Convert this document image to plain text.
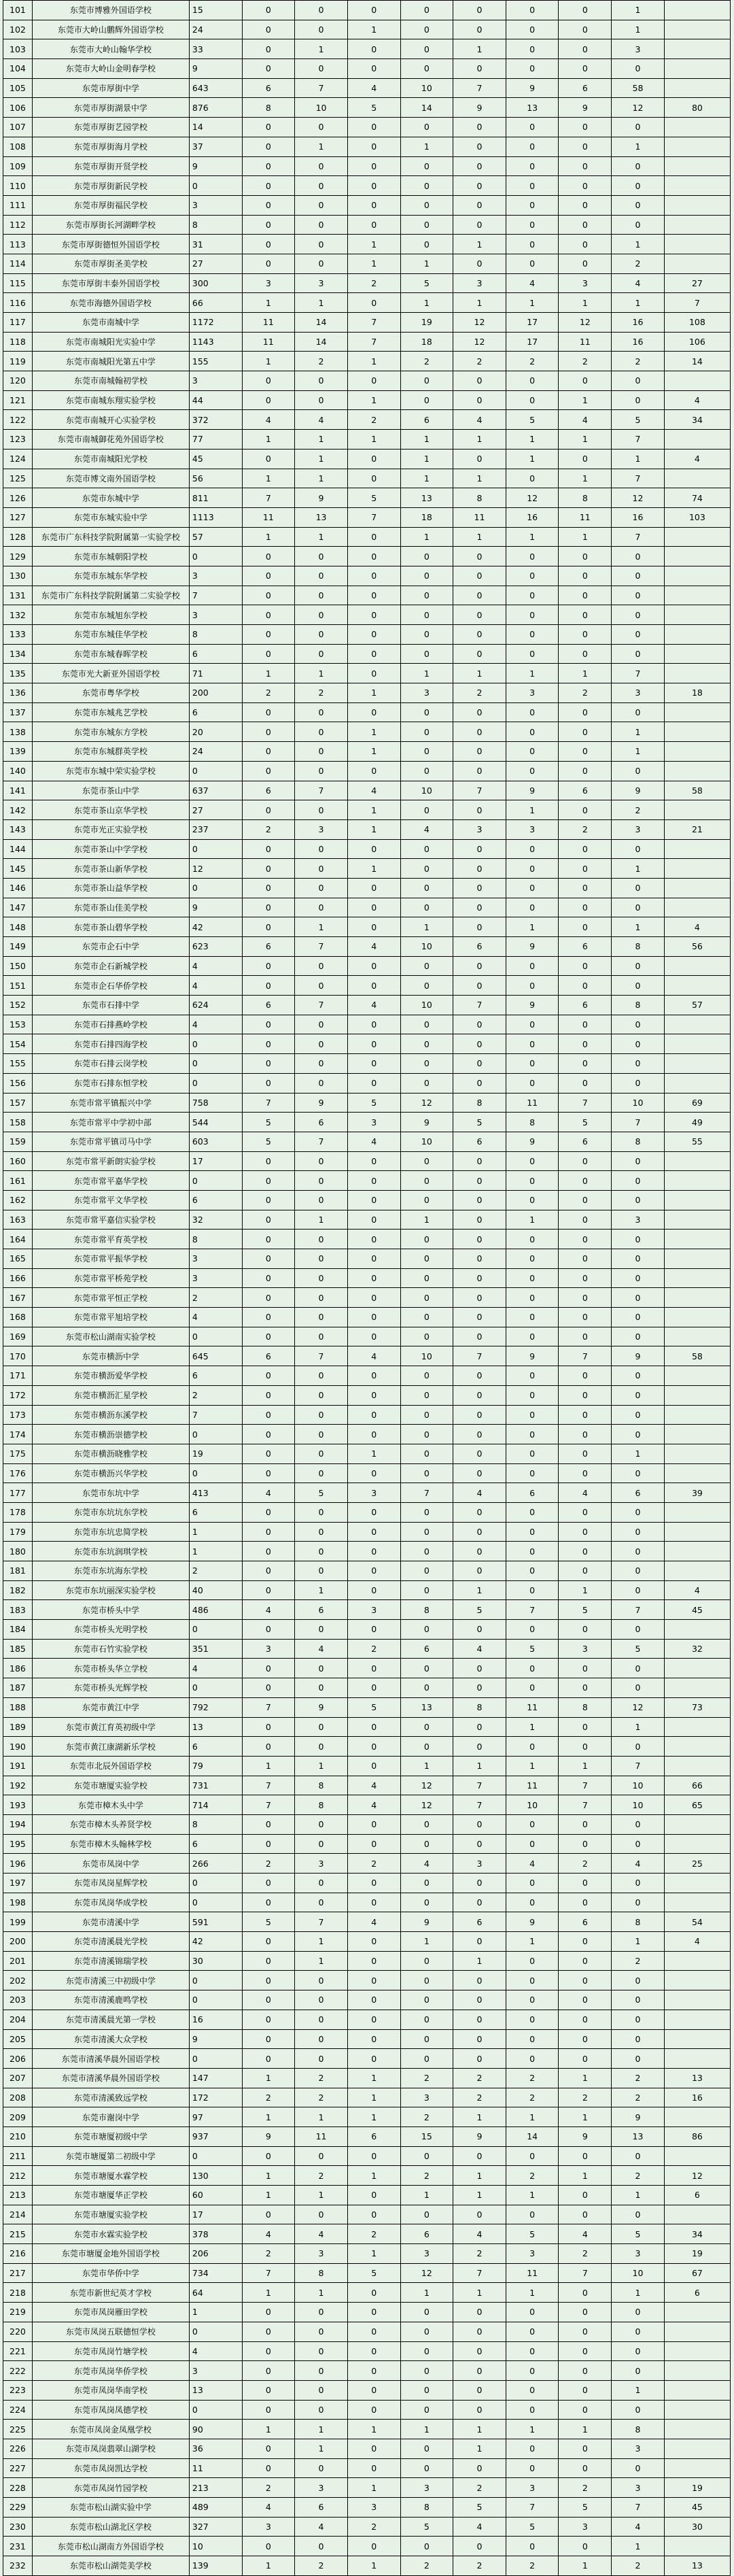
101	东莞市博雅外国语学校	15	0	0	0	0	0	0	0	1	
102	东莞市大岭山鹏辉外国语学校	24	0	0	1	0	0	0	0	1	
103	东莞市大岭山翰华学校	33	0	1	0	0	1	0	0	3	
104	东莞市大岭山金明春学校	9	0	0	0	0	0	0	0	0	
105	东莞市厚街中学	643	6	7	4	10	7	9	6	58	
106	东莞市厚街湖景中学	876	8	10	5	14	9	13	9	12	80
107	东莞市厚街艺园学校	14	0	0	0	0	0	0	0	0	
108	东莞市厚街海月学校	37	0	1	0	1	0	0	0	1	
109	东莞市厚街开贤学校	9	0	0	0	0	0	0	0	0	
110	东莞市厚街新民学校	0	0	0	0	0	0	0	0	0	
111	东莞市厚街福民学校	3	0	0	0	0	0	0	0	0	
112	东莞市厚街长河湖畔学校	8	0	0	0	0	0	0	0	0	
113	东莞市厚街德恒外国语学校	31	0	0	1	0	1	0	0	1	
114	东莞市厚街圣美学校	27	0	0	1	1	0	0	0	2	
115	东莞市厚街丰泰外国语学校	300	3	3	2	5	3	4	3	4	27
116	东莞市海德外国语学校	66	1	1	0	1	1	1	1	1	7
117	东莞市南城中学	1172	11	14	7	19	12	17	12	16	108
118	东莞市南城阳光实验中学	1143	11	14	7	18	12	17	11	16	106
119	东莞市南城阳光第五中学	155	1	2	1	2	2	2	2	2	14
120	东莞市南城翰初学校	3	0	0	0	0	0	0	0	0	
121	东莞市南城东翔实验学校	44	0	0	1	0	0	0	1	0	4
122	东莞市南城开心实验学校	372	4	4	2	6	4	5	4	5	34
123	东莞市南城御花苑外国语学校	77	1	1	1	1	1	1	1	7	
124	东莞市南城阳光学校	45	0	1	0	1	0	1	0	1	4
125	东莞市博文南外国语学校	56	1	1	0	1	1	0	1	7	
126	东莞市东城中学	811	7	9	5	13	8	12	8	12	74
127	东莞市东城实验中学	1113	11	13	7	18	11	16	11	16	103
128	东莞市广东科技学院附属第一实验学校	57	1	1	0	1	1	1	1	7	
129	东莞市东城朝阳学校	0	0	0	0	0	0	0	0	0	
130	东莞市东城东华学校	3	0	0	0	0	0	0	0	0	
131	东莞市广东科技学院附属第二实验学校	7	0	0	0	0	0	0	0	0	
132	东莞市东城旭东学校	3	0	0	0	0	0	0	0	0	
133	东莞市东城佳华学校	8	0	0	0	0	0	0	0	0	
134	东莞市东城春晖学校	6	0	0	0	0	0	0	0	0	
135	东莞市光大新亚外国语学校	71	1	1	0	1	1	1	1	7	
136	东莞市粤华学校	200	2	2	1	3	2	3	2	3	18
137	东莞市东城兆艺学校	6	0	0	0	0	0	0	0	0	
138	东莞市东城东方学校	20	0	0	1	0	0	0	0	1	
139	东莞市东城群英学校	24	0	0	1	0	0	0	0	1	
140	东莞市东城中荣实验学校	0	0	0	0	0	0	0	0	0	
141	东莞市茶山中学	637	6	7	4	10	7	9	6	9	58
142	东莞市茶山京华学校	27	0	0	1	0	0	1	0	2	
143	东莞市光正实验学校	237	2	3	1	4	3	3	2	3	21
144	东莞市茶山中学学校	0	0	0	0	0	0	0	0	0	
145	东莞市茶山新华学校	12	0	0	1	0	0	0	0	1	
146	东莞市茶山益华学校	0	0	0	0	0	0	0	0	0	
147	东莞市茶山佳美学校	9	0	0	0	0	0	0	0	0	
148	东莞市茶山碧华学校	42	0	1	0	1	0	1	0	1	4
149	东莞市企石中学	623	6	7	4	10	6	9	6	8	56
150	东莞市企石新城学校	4	0	0	0	0	0	0	0	0	
151	东莞市企石华侨学校	4	0	0	0	0	0	0	0	0	
152	东莞市石排中学	624	6	7	4	10	7	9	6	8	57
153	东莞市石排燕岭学校	4	0	0	0	0	0	0	0	0	
154	东莞市石排四海学校	0	0	0	0	0	0	0	0	0	
155	东莞市石排云岗学校	0	0	0	0	0	0	0	0	0	
156	东莞市石排东恒学校	0	0	0	0	0	0	0	0	0	
157	东莞市常平镇振兴中学	758	7	9	5	12	8	11	7	10	69
158	东莞市常平中学初中部	544	5	6	3	9	5	8	5	7	49
159	东莞市常平镇司马中学	603	5	7	4	10	6	9	6	8	55
160	东莞市常平新朗实验学校	17	0	0	0	0	0	0	0	0	
161	东莞市常平嘉华学校	0	0	0	0	0	0	0	0	0	
162	东莞市常平文华学校	6	0	0	0	0	0	0	0	0	
163	东莞市常平嘉信实验学校	32	0	1	0	1	0	1	0	3	
164	东莞市常平育英学校	8	0	0	0	0	0	0	0	0	
165	东莞市常平振华学校	3	0	0	0	0	0	0	0	0	
166	东莞市常平桥苑学校	3	0	0	0	0	0	0	0	0	
167	东莞市常平恒正学校	2	0	0	0	0	0	0	0	0	
168	东莞市常平旭培学校	4	0	0	0	0	0	0	0	0	
169	东莞市松山湖南实验学校	0	0	0	0	0	0	0	0	0	
170	东莞市横沥中学	645	6	7	4	10	7	9	7	9	58
171	东莞市横沥爱华学校	6	0	0	0	0	0	0	0	0	
172	东莞市横沥汇星学校	2	0	0	0	0	0	0	0	0	
173	东莞市横沥东溪学校	7	0	0	0	0	0	0	0	0	
174	东莞市横沥崇德学校	0	0	0	0	0	0	0	0	0	
175	东莞市横沥晓雅学校	19	0	0	1	0	0	0	0	1	
176	东莞市横沥兴华学校	0	0	0	0	0	0	0	0	0	
177	东莞市东坑中学	413	4	5	3	7	4	6	4	6	39
178	东莞市东坑坑东学校	6	0	0	0	0	0	0	0	0	
179	东莞市东坑忠简学校	1	0	0	0	0	0	0	0	0	
180	东莞市东坑润琪学校	1	0	0	0	0	0	0	0	0	
181	东莞市东坑海东学校	2	0	0	0	0	0	0	0	0	
182	东莞市东坑丽深实验学校	40	0	1	0	0	1	0	1	0	4
183	东莞市桥头中学	486	4	6	3	8	5	7	5	7	45
184	东莞市桥头光明学校	0	0	0	0	0	0	0	0	0	
185	东莞市石竹实验学校	351	3	4	2	6	4	5	3	5	32
186	东莞市桥头华立学校	4	0	0	0	0	0	0	0	0	
187	东莞市桥头光辉学校	0	0	0	0	0	0	0	0	0	
188	东莞市黄江中学	792	7	9	5	13	8	11	8	12	73
189	东莞市黄江育英初级中学	13	0	0	0	0	0	1	0	1	
190	东莞市黄江康湖新乐学校	6	0	0	0	0	0	0	0	0	
191	东莞市北辰外国语学校	79	1	1	0	1	1	1	1	7	
192	东莞市塘厦实验学校	731	7	8	4	12	7	11	7	10	66
193	东莞市樟木头中学	714	7	8	4	12	7	10	7	10	65
194	东莞市樟木头养贤学校	8	0	0	0	0	0	0	0	0	
195	东莞市樟木头翰林学校	6	0	0	0	0	0	0	0	0	
196	东莞市凤岗中学	266	2	3	2	4	3	4	2	4	25
197	东莞市凤岗星辉学校	0	0	0	0	0	0	0	0	0	
198	东莞市凤岗华成学校	0	0	0	0	0	0	0	0	0	
199	东莞市清溪中学	591	5	7	4	9	6	9	6	8	54
200	东莞市清溪晨光学校	42	0	1	0	1	0	1	0	1	4
201	东莞市清溪锦瑞学校	30	0	1	0	0	1	0	0	2	
202	东莞市清溪三中初级中学	0	0	0	0	0	0	0	0	0	
203	东莞市清溪鹿鸣学校	0	0	0	0	0	0	0	0	0	
204	东莞市清溪晨光第一学校	16	0	0	0	0	0	0	0	0	
205	东莞市清溪大众学校	9	0	0	0	0	0	0	0	0	
206	东莞市清溪华晨外国语学校	0	0	0	0	0	0	0	0	0	
207	东莞市清溪华晨外国语学校	147	1	2	1	2	2	2	1	2	13
208	东莞市清溪致远学校	172	2	2	1	3	2	2	2	2	16
209	东莞市谢岗中学	97	1	1	1	2	1	1	1	9	
210	东莞市塘厦初级中学	937	9	11	6	15	9	14	9	13	86
211	东莞市塘厦第二初级中学	0	0	0	0	0	0	0	0	0	
212	东莞市塘厦水霖学校	130	1	2	1	2	1	2	1	2	12
213	东莞市塘厦华正学校	60	1	1	0	1	1	1	0	1	6
214	东莞市塘厦实验学校	17	0	0	0	0	0	0	0	0	
215	东莞市水霖实验学校	378	4	4	2	6	4	5	4	5	34
216	东莞市塘厦金地外国语学校	206	2	3	1	3	2	3	2	3	19
217	东莞市华侨中学	734	7	8	5	12	7	11	7	10	67
218	东莞市新世纪英才学校	64	1	1	0	1	1	1	0	1	6
219	东莞市凤岗雁田学校	1	0	0	0	0	0	0	0	0	
220	东莞市凤岗五联德恒学校	0	0	0	0	0	0	0	0	0	
221	东莞市凤岗竹塘学校	4	0	0	0	0	0	0	0	0	
222	东莞市凤岗华侨学校	3	0	0	0	0	0	0	0	0	
223	东莞市凤岗华南学校	13	0	0	0	0	0	0	0	1	
224	东莞市凤岗凤德学校	0	0	0	0	0	0	0	0	0	
225	东莞市凤岗金凤凰学校	90	1	1	1	1	1	1	1	8	
226	东莞市凤岗翡翠山湖学校	36	0	1	0	0	1	0	0	3	
227	东莞市凤岗凯达学校	11	0	0	0	0	0	0	0	0	
228	东莞市凤岗竹园学校	213	2	3	1	3	2	3	2	3	19
229	东莞市松山湖实验中学	489	4	6	3	8	5	7	5	7	45
230	东莞市松山湖北区学校	327	3	4	2	5	4	5	3	4	30
231	东莞市松山湖南方外国语学校	10	0	0	0	0	0	0	0	1	
232	东莞市松山湖莞美学校	139	1	2	1	2	2	2	1	2	13
